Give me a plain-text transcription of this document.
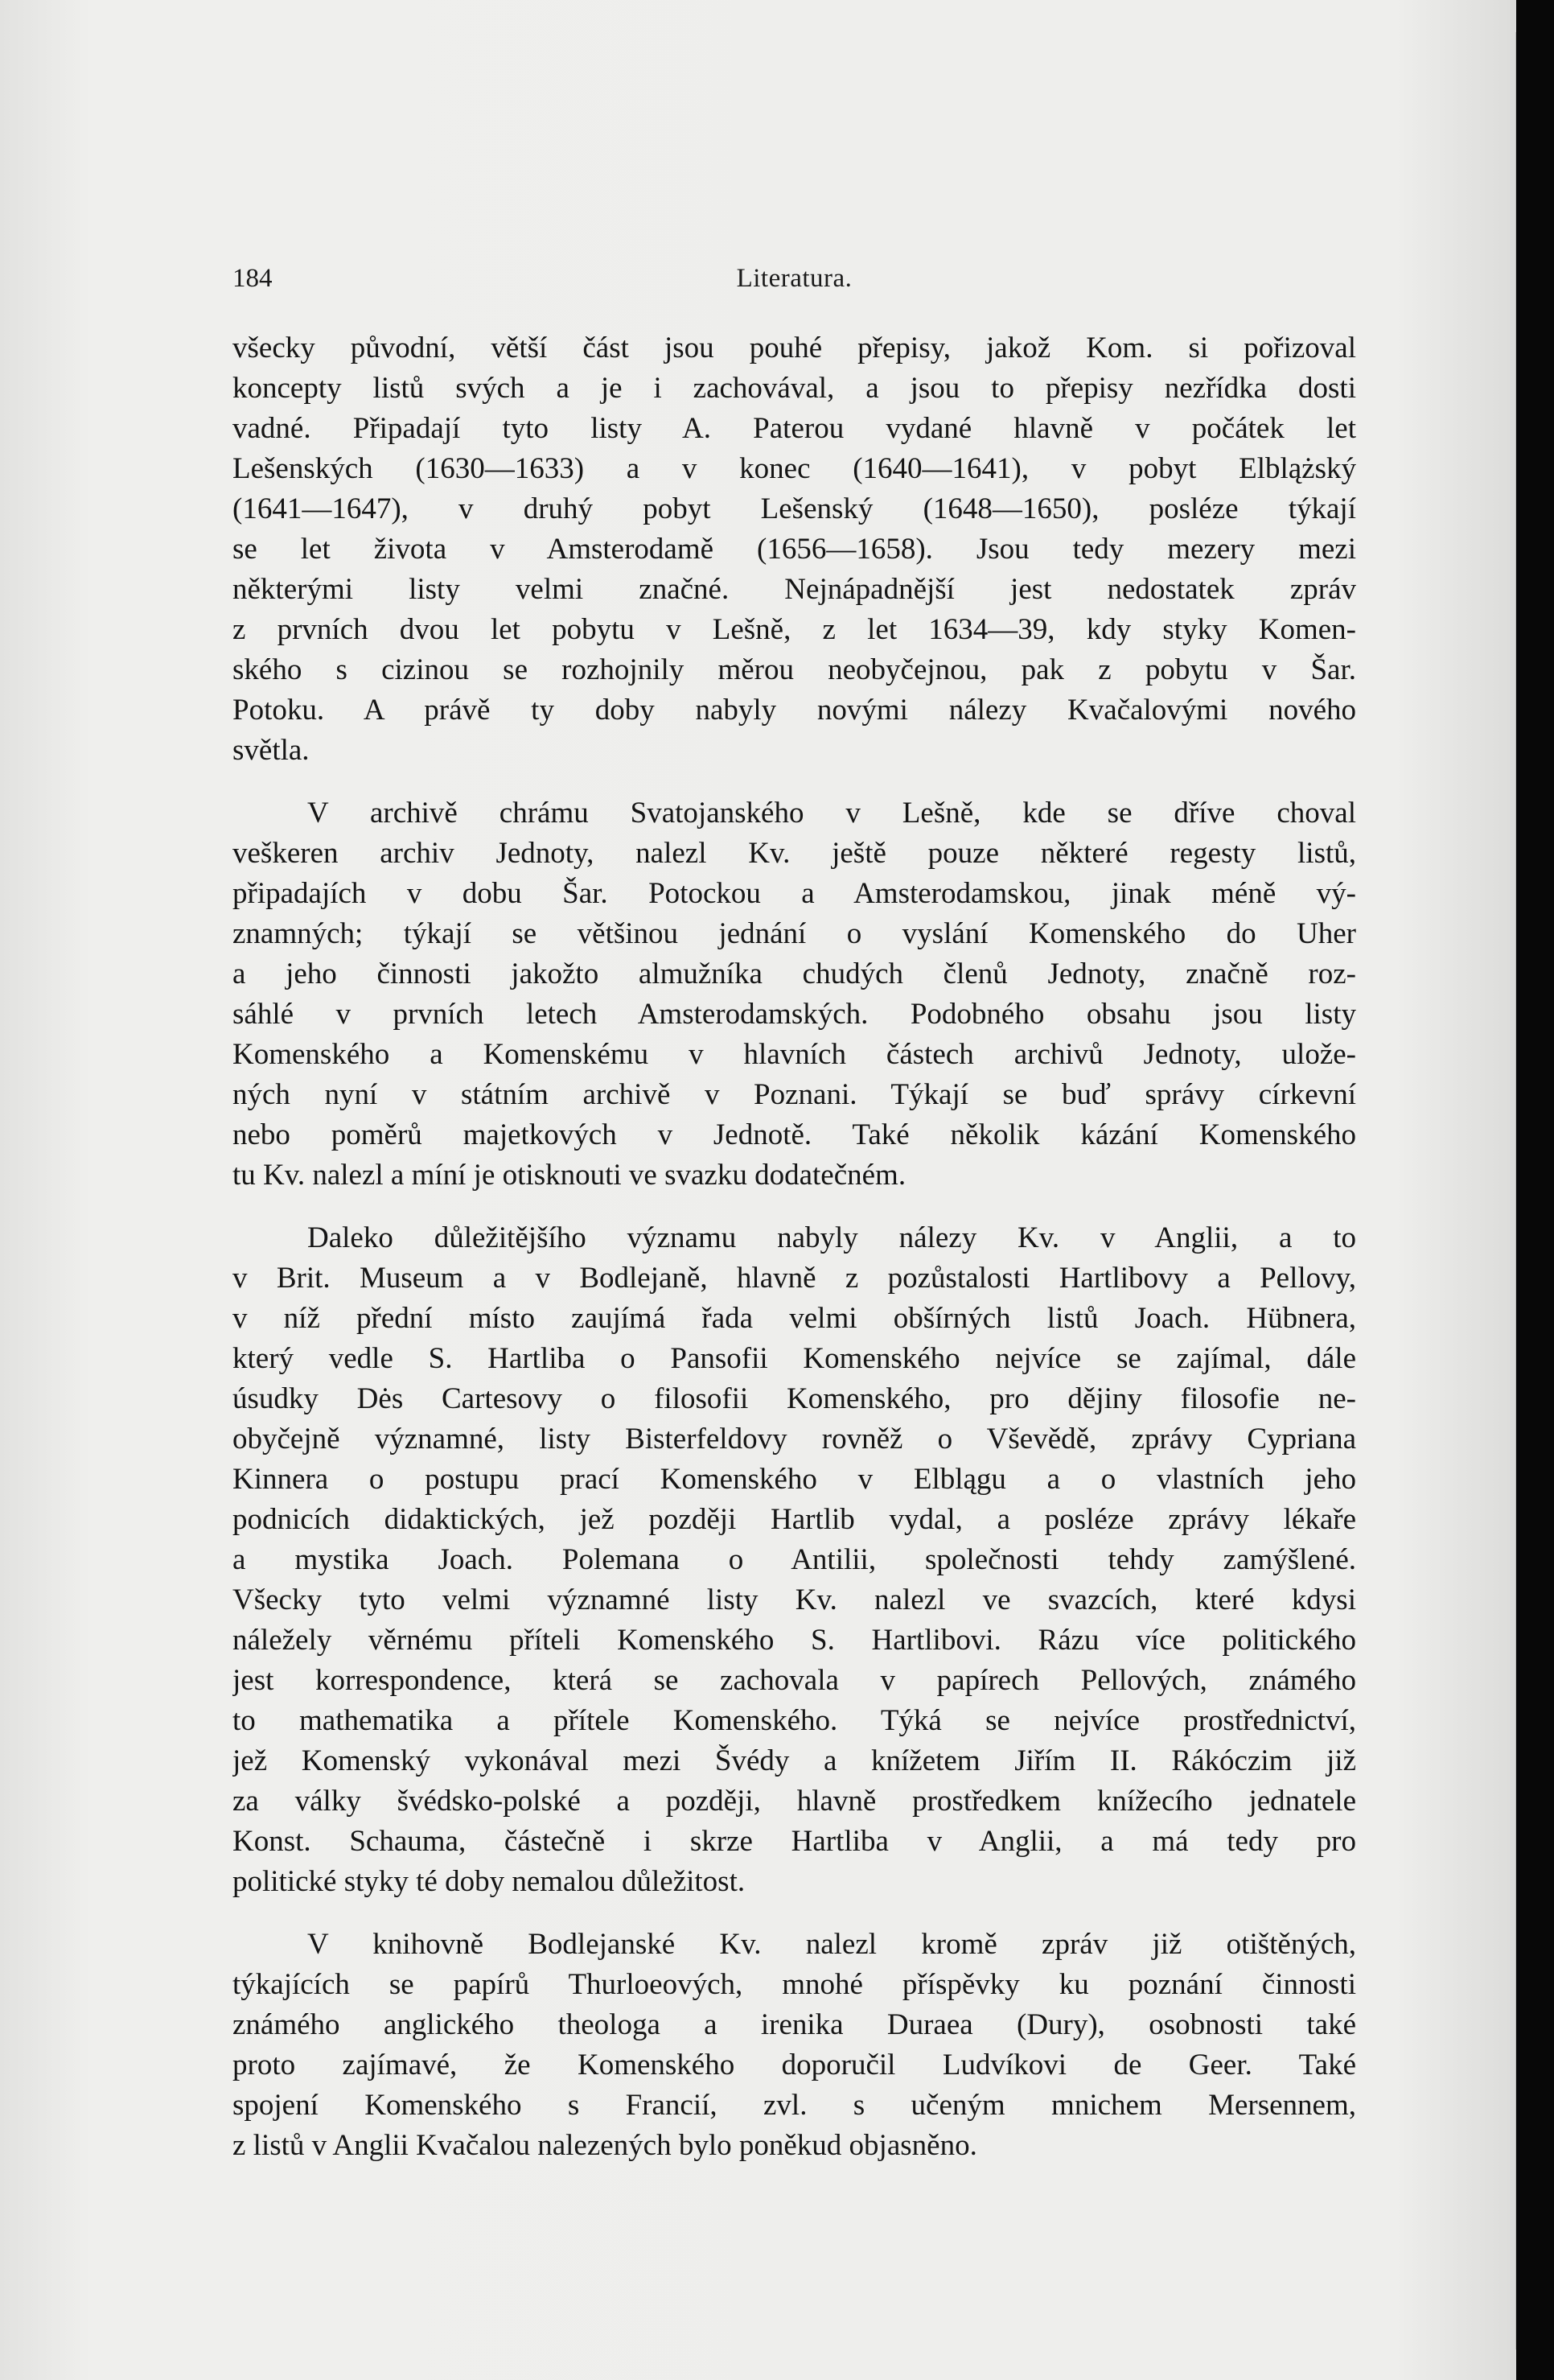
184	Literatura.

všecky původní, větší část jsou pouhé přepisy, jakož Kom. si pořizoval
koncepty listů svých a je i zachovával, a jsou to přepisy nezřídka dosti
vadné. Připadají tyto listy A. Paterou vydané hlavně v počátek let
Lešenských (1630—1633) a v konec (1640—1641), v pobyt Elblążský
(1641—1647), v druhý pobyt Lešenský (1648—1650), posléze týkají
se let života v Amsterodamě (1656—1658). Jsou tedy mezery mezi
některými listy velmi značné. Nejnápadnější jest nedostatek zpráv
z prvních dvou let pobytu v Lešně, z let 1634—39, kdy styky Komen-
ského s cizinou se rozhojnily měrou neobyčejnou, pak z pobytu v Šar.
Potoku. A právě ty doby nabyly novými nálezy Kvačalovými nového
světla.

V archivě chrámu Svatojanského v Lešně, kde se dříve choval
veškeren archiv Jednoty, nalezl Kv. ještě pouze některé regesty listů,
připadajích v dobu Šar. Potockou a Amsterodamskou, jinak méně vý-
znamných; týkají se většinou jednání o vyslání Komenského do Uher
a jeho činnosti jakožto almužníka chudých členů Jednoty, značně roz-
sáhlé v prvních letech Amsterodamských. Podobného obsahu jsou listy
Komenského a Komenskému v hlavních částech archivů Jednoty, ulože-
ných nyní v státním archivě v Poznani. Týkají se buď správy církevní
nebo poměrů majetkových v Jednotě. Také několik kázání Komenského
tu Kv. nalezl a míní je otisknouti ve svazku dodatečném.

Daleko důležitějšího významu nabyly nálezy Kv. v Anglii, a to
v Brit. Museum a v Bodlejaně, hlavně z pozůstalosti Hartlibovy a Pellovy,
v níž přední místo zaujímá řada velmi obšírných listů Joach. Hübnera,
který vedle S. Hartliba o Pansofii Komenského nejvíce se zajímal, dále
úsudky Dės Cartesovy o filosofii Komenského, pro dějiny filosofie ne-
obyčejně významné, listy Bisterfeldovy rovněž o Vševědě, zprávy Cypriana
Kinnera o postupu prací Komenského v Elblągu a o vlastních jeho
podnicích didaktických, jež později Hartlib vydal, a posléze zprávy lékaře
a mystika Joach. Polemana o Antilii, společnosti tehdy zamýšlené.
Všecky tyto velmi významné listy Kv. nalezl ve svazcích, které kdysi
náležely věrnému příteli Komenského S. Hartlibovi. Rázu více politického
jest korrespondence, která se zachovala v papírech Pellových, známého
to mathematika a přítele Komenského. Týká se nejvíce prostřednictví,
jež Komenský vykonával mezi Švédy a knížetem Jiřím II. Rákóczim již
za války švédsko-polské a později, hlavně prostředkem knížecího jednatele
Konst. Schauma, částečně i skrze Hartliba v Anglii, a má tedy pro
politické styky té doby nemalou důležitost.

V knihovně Bodlejanské Kv. nalezl kromě zpráv již otištěných,
týkajících se papírů Thurloeových, mnohé příspěvky ku poznání činnosti
známého anglického theologa a irenika Duraea (Dury), osobnosti také
proto zajímavé, že Komenského doporučil Ludvíkovi de Geer. Také
spojení Komenského s Francií, zvl. s učeným mnichem Mersennem,
z listů v Anglii Kvačalou nalezených bylo poněkud objasněno.
